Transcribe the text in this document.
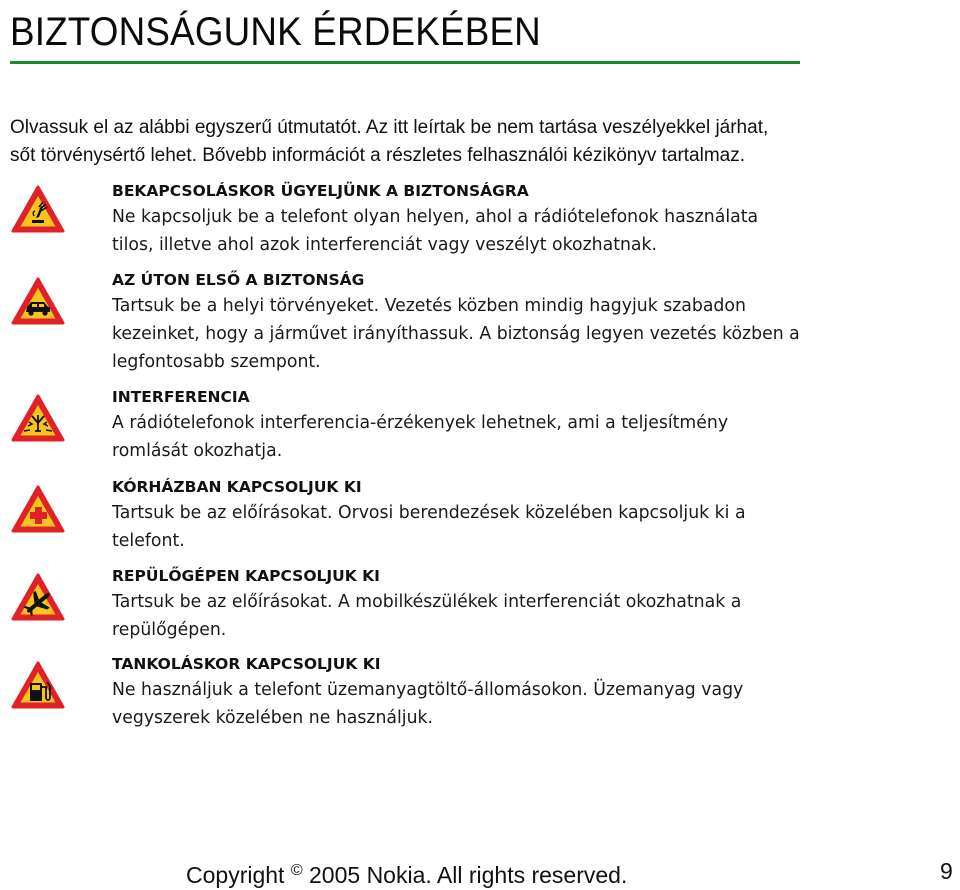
BIZTONSÁGUNK ÉRDEKÉBEN
Olvassuk el az alábbi egyszerű útmutatót. Az itt leírtak be nem tartása veszélyekkel járhat,
sőt törvénysértő lehet. Bővebb információt a részletes felhasználói kézikönyv tartalmaz.
BEKAPCSOLÁSKOR ÜGYELJÜNK A BIZTONSÁGRA

Ne kapcsoljuk be a telefont olyan helyen, ahol a rádiótelefonok használata tilos, illetve ahol azok interferenciát vagy veszélyt okozhatnak.

AZ ÚTON ELSŐ A BIZTONSÁG

Tartsuk be a helyi törvényeket. Vezetés közben mindig hagyjuk szabadon kezeinket, hogy a járművet irányíthassuk. A biztonság legyen vezetés közben a legfontosabb szempont.

INTERFERENCIA

A rádiótelefonok interferencia-érzékenyek lehetnek, ami a teljesítmény romlását okozhatja.

KÓRHÁZBAN KAPCSOLJUK KI

Tartsuk be az előírásokat. Orvosi berendezések közelében kapcsoljuk ki a telefont.

REPÜLŐGÉPEN KAPCSOLJUK KI

Tartsuk be az előírásokat. A mobilkészülékek interferenciát okozhatnak a repülőgépen.

TANKOLÁSKOR KAPCSOLJUK KI

Ne használjuk a telefont üzemanyagtöltő-állomásokon. Üzemanyag vagy vegyszerek közelében ne használjuk.

Copyright © 2005 Nokia. All rights reserved.	9
